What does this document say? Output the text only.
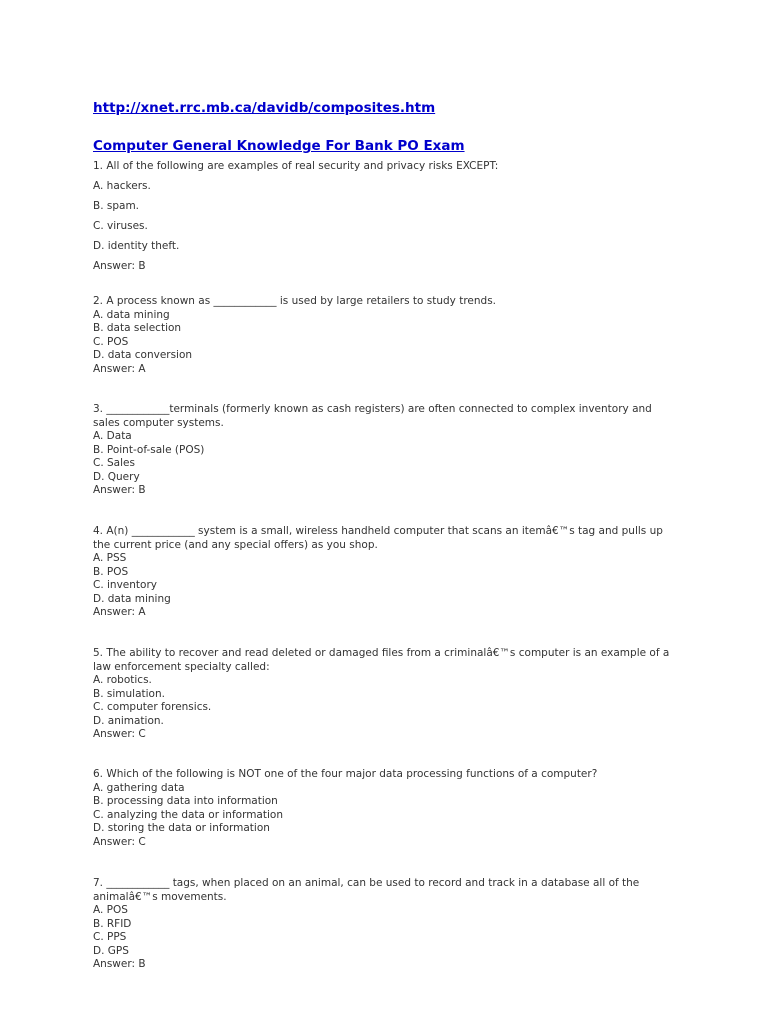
http://xnet.rrc.mb.ca/davidb/composites.htm
Computer General Knowledge For Bank PO Exam

1. All of the following are examples of real security and privacy risks EXCEPT:

A. hackers.

B. spam.

C. viruses.

D. identity theft.

Answer: B

2. A process known as ____________ is used by large retailers to study trends.
A. data mining
B. data selection
C. POS
D. data conversion
Answer: A
3. ____________terminals (formerly known as cash registers) are often connected to complex inventory and sales computer systems.
A. Data
B. Point-of-sale (POS)
C. Sales
D. Query
Answer: B
4. A(n) ____________ system is a small, wireless handheld computer that scans an itemâ€™s tag and pulls up the current price (and any special offers) as you shop.
A. PSS
B. POS
C. inventory
D. data mining
Answer: A
5. The ability to recover and read deleted or damaged files from a criminalâ€™s computer is an example of a law enforcement specialty called:
A. robotics.
B. simulation.
C. computer forensics.
D. animation.
Answer: C
6. Which of the following is NOT one of the four major data processing functions of a computer?
A. gathering data
B. processing data into information
C. analyzing the data or information
D. storing the data or information
Answer: C
7. ____________ tags, when placed on an animal, can be used to record and track in a database all of the animalâ€™s movements.
A. POS
B. RFID
C. PPS
D. GPS
Answer: B
